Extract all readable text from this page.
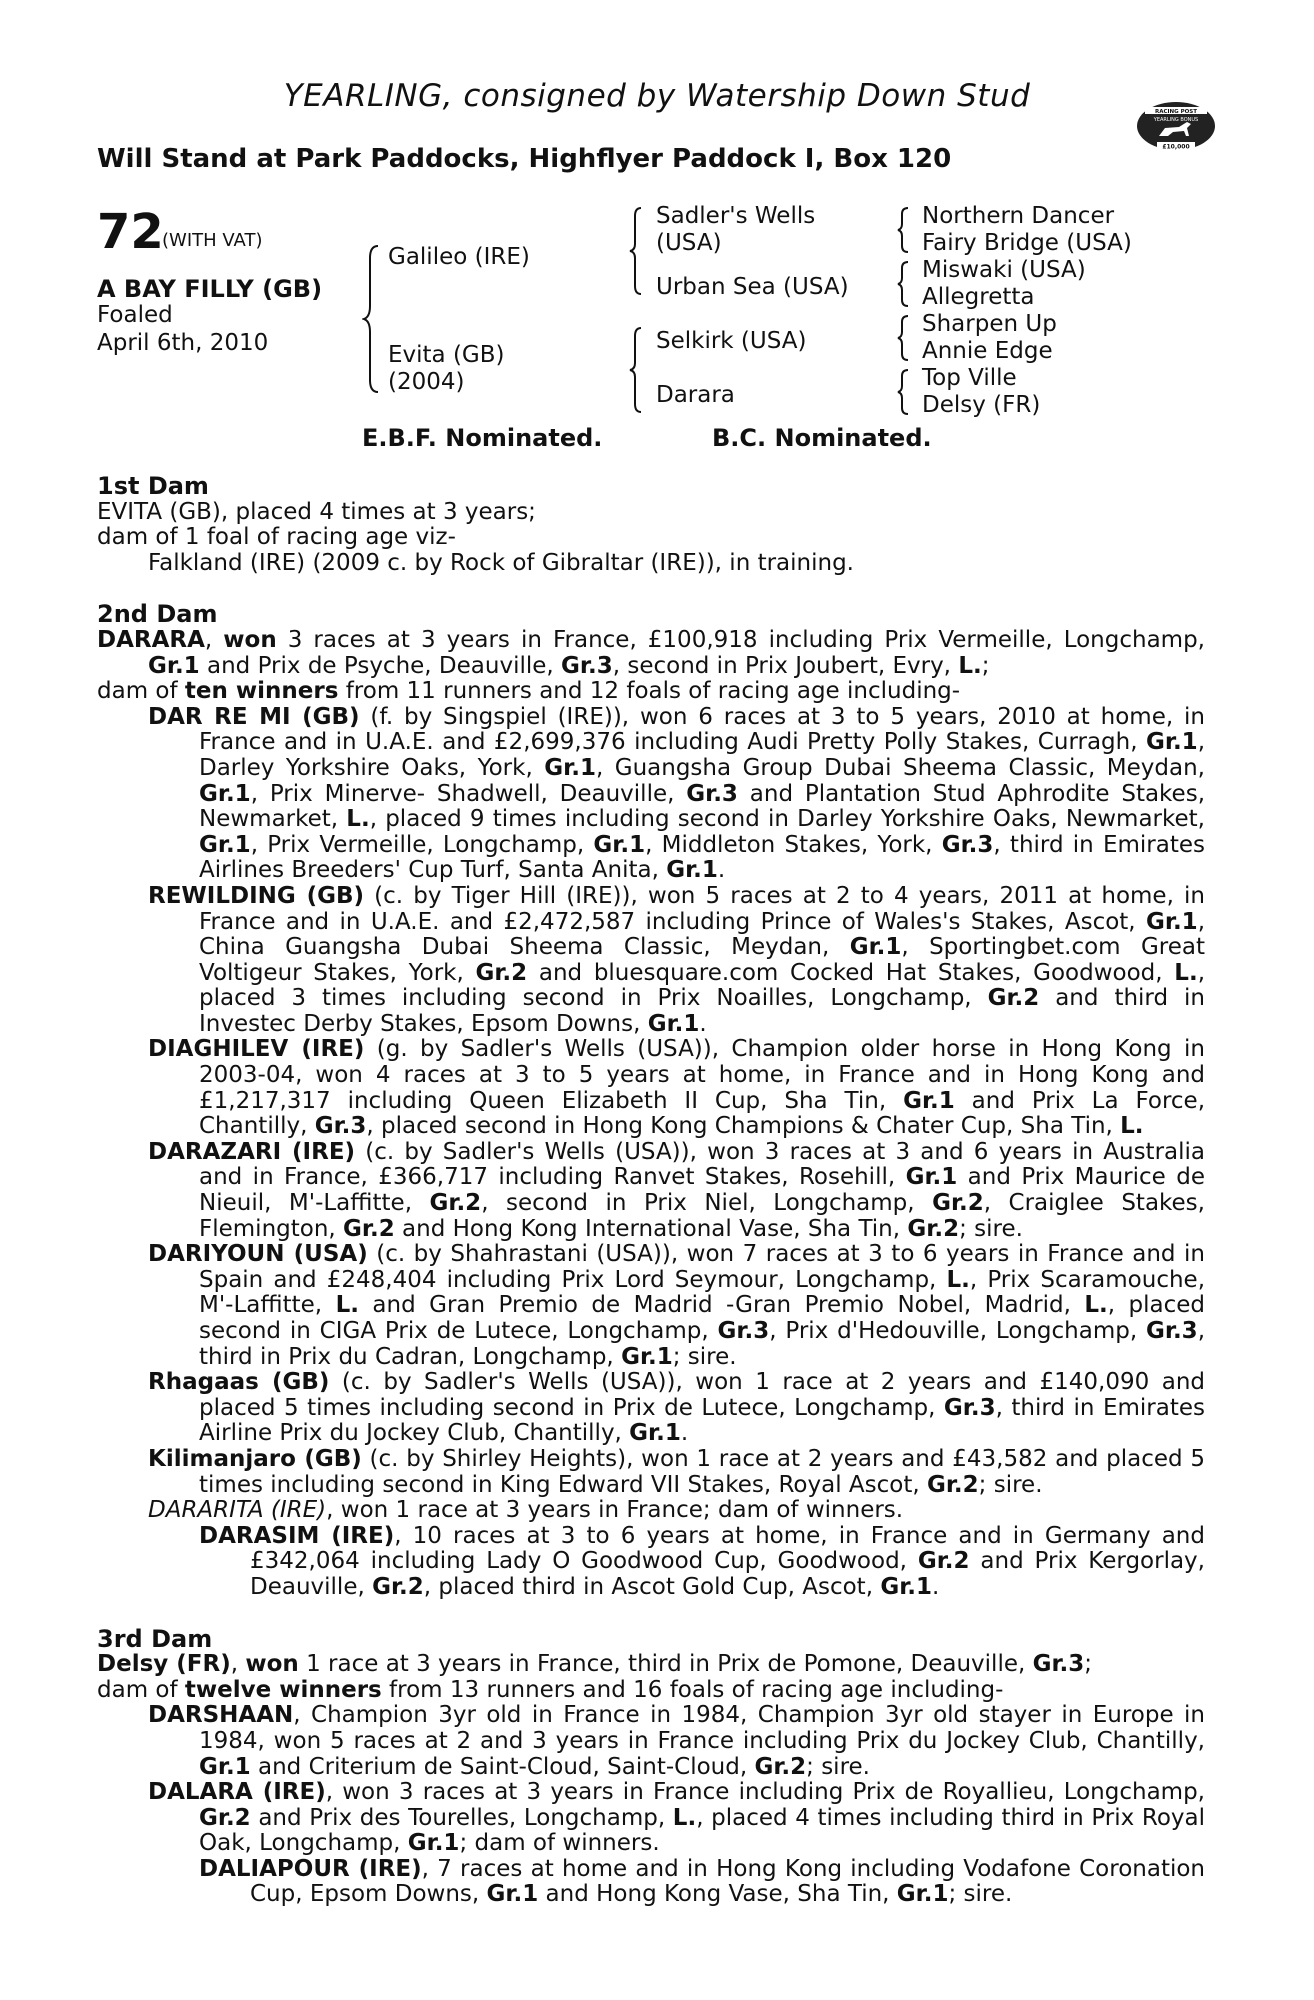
YEARLING, consigned by Watership Down Stud
Will Stand at Park Paddocks, Highflyer Paddock I, Box 120
RACING POST
YEARLING BONUS
£10,000
72
(WITH VAT)
A BAY FILLY (GB)
Foaled
April 6th, 2010
Galileo (IRE)
Evita (GB)
(2004)
Sadler's Wells
(USA)
Urban Sea (USA)
Selkirk (USA)
Darara
Northern Dancer
Fairy Bridge (USA)
Miswaki (USA)
Allegretta
Sharpen Up
Annie Edge
Top Ville
Delsy (FR)
E.B.F. Nominated.	B.C. Nominated.
1st Dam

EVITA (GB), placed 4 times at 3 years;

dam of 1 foal of racing age viz-

Falkland (IRE) (2009 c. by Rock of Gibraltar (IRE)), in training.

2nd Dam

DARARA, won 3 races at 3 years in France, £100,918 including Prix Vermeille, Longchamp, Gr.1 and Prix de Psyche, Deauville, Gr.3, second in Prix Joubert, Evry, L.;

dam of ten winners from 11 runners and 12 foals of racing age including-

DAR RE MI (GB) (f. by Singspiel (IRE)), won 6 races at 3 to 5 years, 2010 at home, in France and in U.A.E. and £2,699,376 including Audi Pretty Polly Stakes, Curragh, Gr.1, Darley Yorkshire Oaks, York, Gr.1, Guangsha Group Dubai Sheema Classic, Meydan, Gr.1, Prix Minerve- Shadwell, Deauville, Gr.3 and Plantation Stud Aphrodite Stakes, Newmarket, L., placed 9 times including second in Darley Yorkshire Oaks, Newmarket, Gr.1, Prix Vermeille, Longchamp, Gr.1, Middleton Stakes, York, Gr.3, third in Emirates Airlines Breeders' Cup Turf, Santa Anita, Gr.1.

REWILDING (GB) (c. by Tiger Hill (IRE)), won 5 races at 2 to 4 years, 2011 at home, in France and in U.A.E. and £2,472,587 including Prince of Wales's Stakes, Ascot, Gr.1, China Guangsha Dubai Sheema Classic, Meydan, Gr.1, Sportingbet.com Great Voltigeur Stakes, York, Gr.2 and bluesquare.com Cocked Hat Stakes, Goodwood, L., placed 3 times including second in Prix Noailles, Longchamp, Gr.2 and third in Investec Derby Stakes, Epsom Downs, Gr.1.

DIAGHILEV (IRE) (g. by Sadler's Wells (USA)), Champion older horse in Hong Kong in 2003-04, won 4 races at 3 to 5 years at home, in France and in Hong Kong and £1,217,317 including Queen Elizabeth II Cup, Sha Tin, Gr.1 and Prix La Force, Chantilly, Gr.3, placed second in Hong Kong Champions & Chater Cup, Sha Tin, L.

DARAZARI (IRE) (c. by Sadler's Wells (USA)), won 3 races at 3 and 6 years in Australia and in France, £366,717 including Ranvet Stakes, Rosehill, Gr.1 and Prix Maurice de Nieuil, M'-Laffitte, Gr.2, second in Prix Niel, Longchamp, Gr.2, Craiglee Stakes, Flemington, Gr.2 and Hong Kong International Vase, Sha Tin, Gr.2; sire.

DARIYOUN (USA) (c. by Shahrastani (USA)), won 7 races at 3 to 6 years in France and in Spain and £248,404 including Prix Lord Seymour, Longchamp, L., Prix Scaramouche, M'-Laffitte, L. and Gran Premio de Madrid -Gran Premio Nobel, Madrid, L., placed second in CIGA Prix de Lutece, Longchamp, Gr.3, Prix d'Hedouville, Longchamp, Gr.3, third in Prix du Cadran, Longchamp, Gr.1; sire.

Rhagaas (GB) (c. by Sadler's Wells (USA)), won 1 race at 2 years and £140,090 and placed 5 times including second in Prix de Lutece, Longchamp, Gr.3, third in Emirates Airline Prix du Jockey Club, Chantilly, Gr.1.

Kilimanjaro (GB) (c. by Shirley Heights), won 1 race at 2 years and £43,582 and placed 5 times including second in King Edward VII Stakes, Royal Ascot, Gr.2; sire.

DARARITA (IRE), won 1 race at 3 years in France; dam of winners.

DARASIM (IRE), 10 races at 3 to 6 years at home, in France and in Germany and £342,064 including Lady O Goodwood Cup, Goodwood, Gr.2 and Prix Kergorlay, Deauville, Gr.2, placed third in Ascot Gold Cup, Ascot, Gr.1.

3rd Dam

Delsy (FR), won 1 race at 3 years in France, third in Prix de Pomone, Deauville, Gr.3;

dam of twelve winners from 13 runners and 16 foals of racing age including-

DARSHAAN, Champion 3yr old in France in 1984, Champion 3yr old stayer in Europe in 1984, won 5 races at 2 and 3 years in France including Prix du Jockey Club, Chantilly, Gr.1 and Criterium de Saint-Cloud, Saint-Cloud, Gr.2; sire.

DALARA (IRE), won 3 races at 3 years in France including Prix de Royallieu, Longchamp, Gr.2 and Prix des Tourelles, Longchamp, L., placed 4 times including third in Prix Royal Oak, Longchamp, Gr.1; dam of winners.

DALIAPOUR (IRE), 7 races at home and in Hong Kong including Vodafone Coronation Cup, Epsom Downs, Gr.1 and Hong Kong Vase, Sha Tin, Gr.1; sire.
